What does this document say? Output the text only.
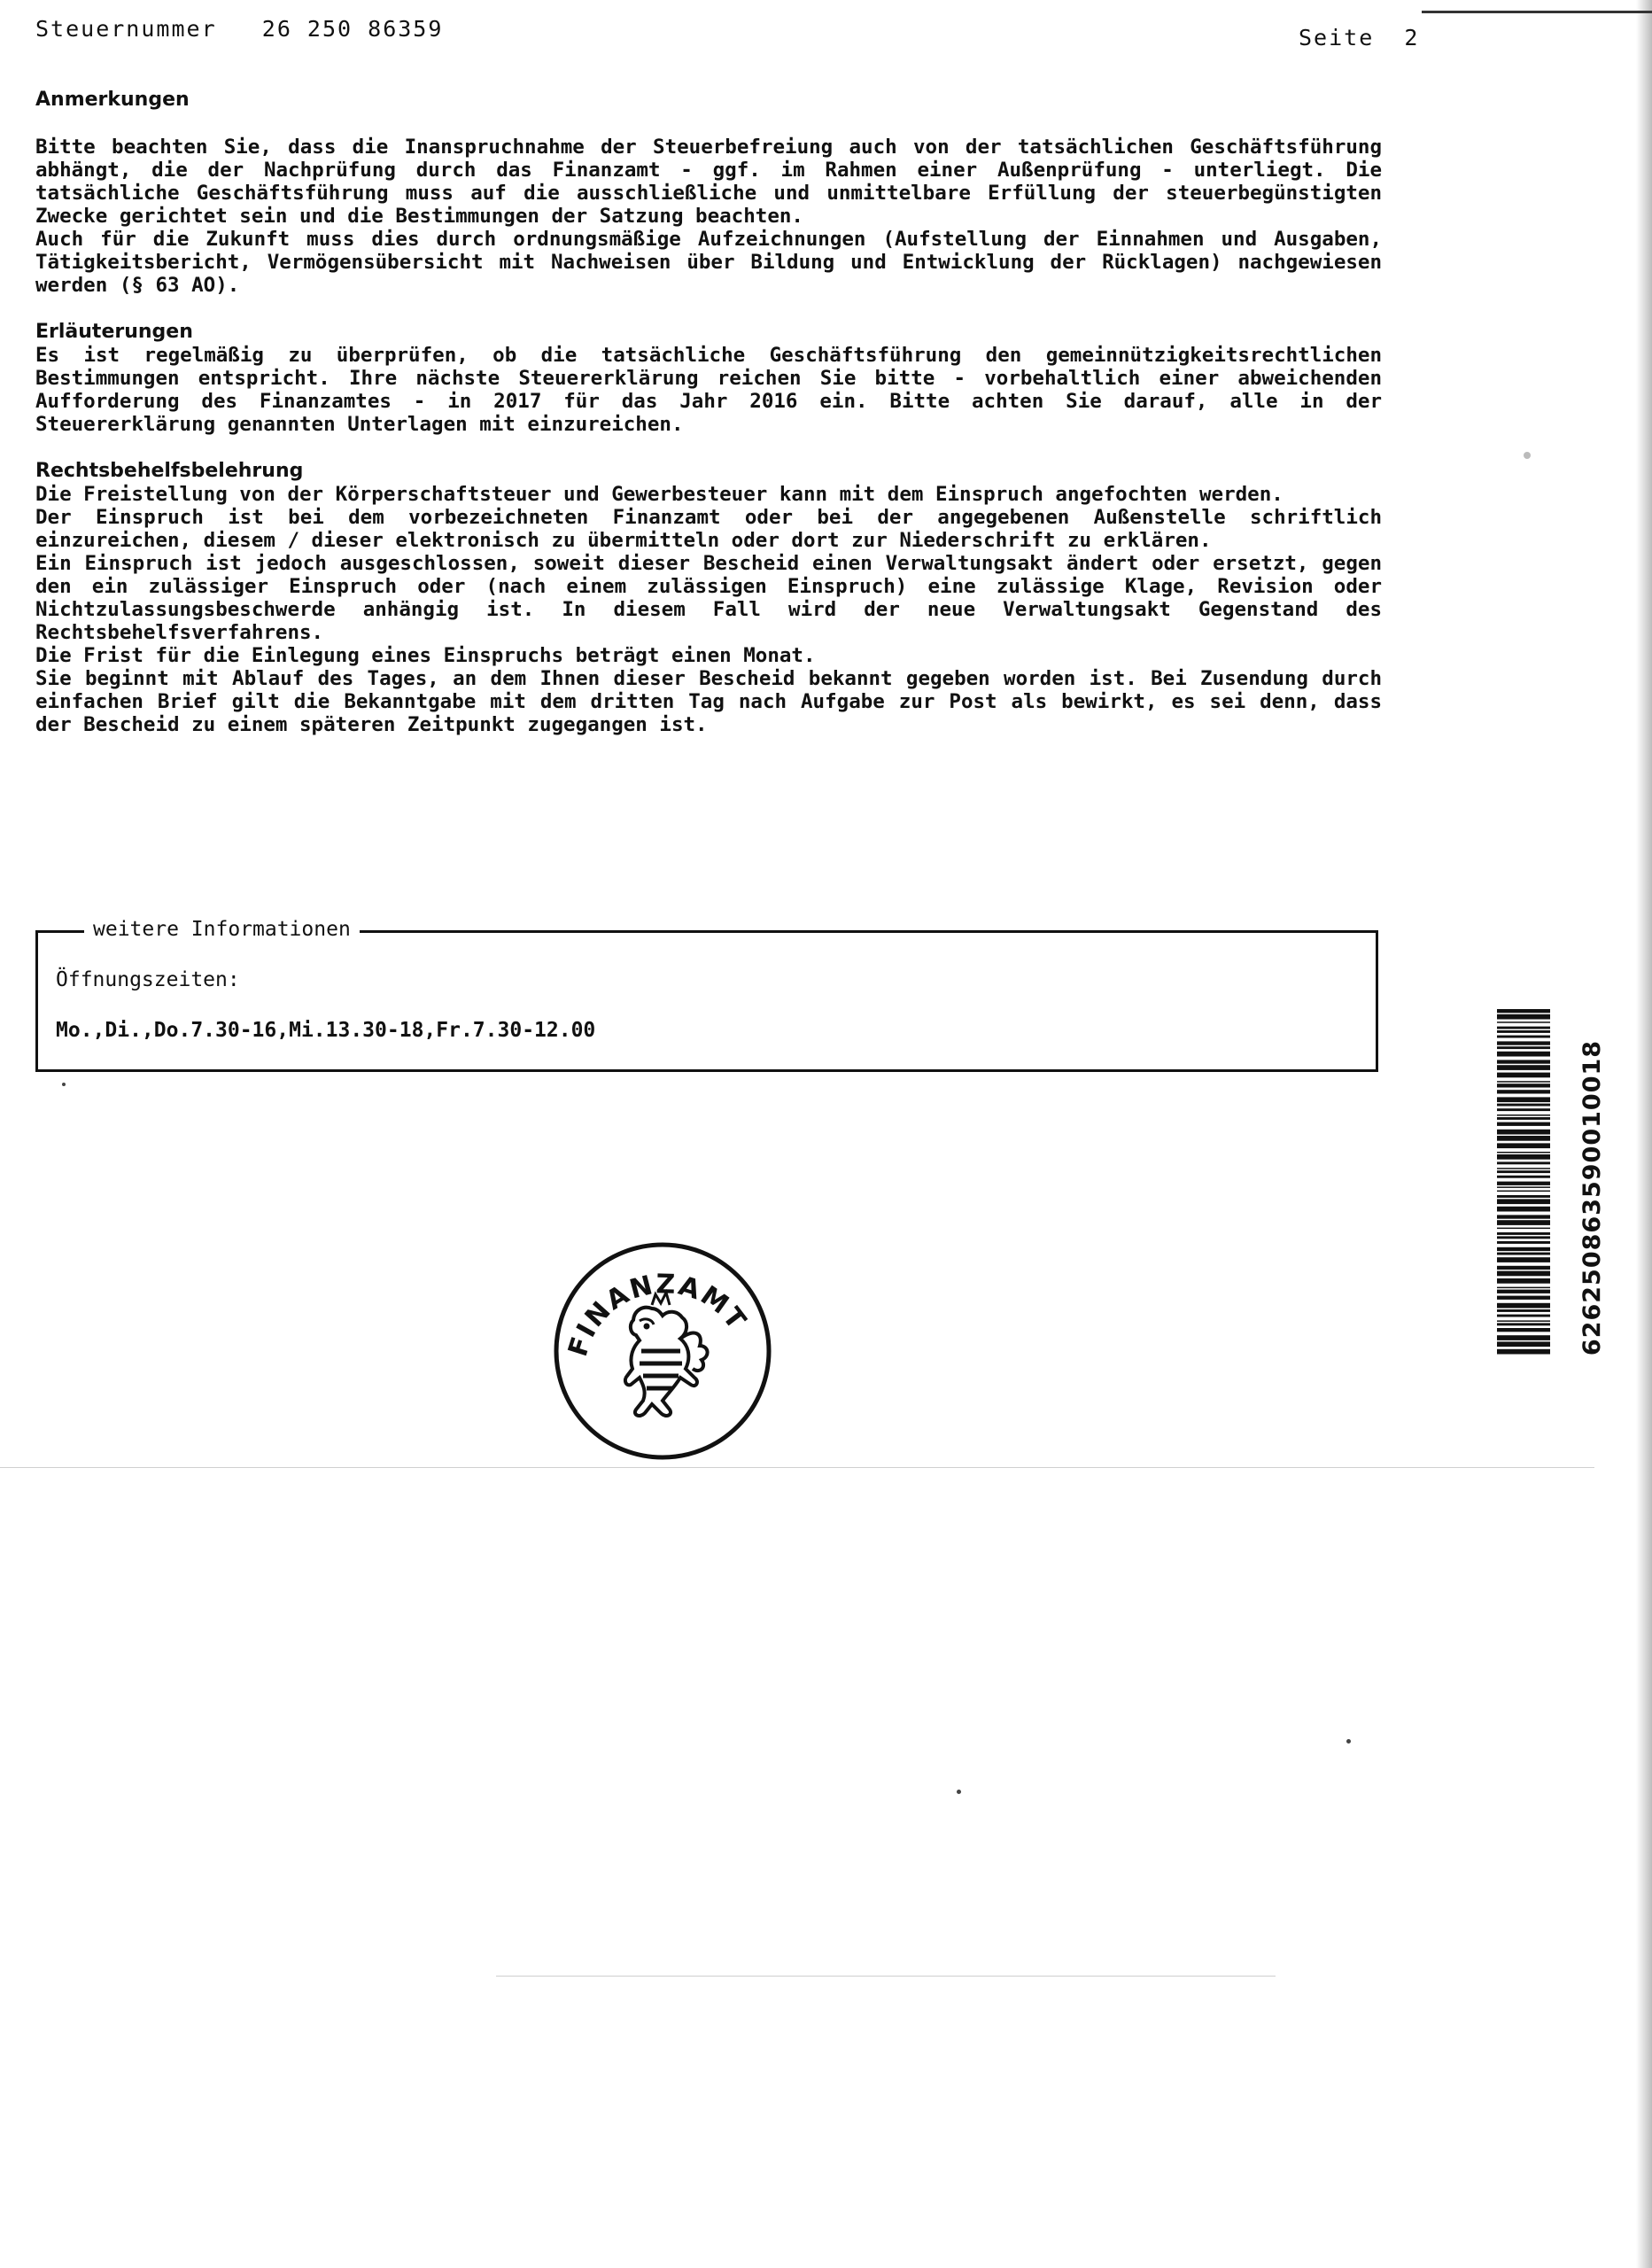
Steuernummer 26 250 86359	Seite 2

Anmerkungen

Bitte beachten Sie, dass die Inanspruchnahme der Steuerbefreiung auch von der tatsächlichen Geschäftsführung abhängt, die der Nachprüfung durch das Finanzamt - ggf. im Rahmen einer Außenprüfung - unterliegt. Die tatsächliche Geschäftsführung muss auf die ausschließliche und unmittelbare Erfüllung der steuerbegünstigten Zwecke gerichtet sein und die Bestimmungen der Satzung beachten.

Auch für die Zukunft muss dies durch ordnungsmäßige Aufzeichnungen (Aufstellung der Einnahmen und Ausgaben, Tätigkeitsbericht, Vermögensübersicht mit Nachweisen über Bildung und Entwicklung der Rücklagen) nachgewiesen werden (§ 63 AO).

Erläuterungen

Es ist regelmäßig zu überprüfen, ob die tatsächliche Geschäftsführung den gemeinnützigkeitsrechtlichen Bestimmungen entspricht. Ihre nächste Steuererklärung reichen Sie bitte - vorbehaltlich einer abweichenden Aufforderung des Finanzamtes - in 2017 für das Jahr 2016 ein. Bitte achten Sie darauf, alle in der Steuererklärung genannten Unterlagen mit einzureichen.

Rechtsbehelfsbelehrung

Die Freistellung von der Körperschaftsteuer und Gewerbesteuer kann mit dem Einspruch angefochten werden.

Der Einspruch ist bei dem vorbezeichneten Finanzamt oder bei der angegebenen Außenstelle schriftlich einzureichen, diesem / dieser elektronisch zu übermitteln oder dort zur Niederschrift zu erklären.

Ein Einspruch ist jedoch ausgeschlossen, soweit dieser Bescheid einen Verwaltungsakt ändert oder ersetzt, gegen den ein zulässiger Einspruch oder (nach einem zulässigen Einspruch) eine zulässige Klage, Revision oder Nichtzulassungsbeschwerde anhängig ist. In diesem Fall wird der neue Verwaltungsakt Gegenstand des Rechtsbehelfsverfahrens.

Die Frist für die Einlegung eines Einspruchs beträgt einen Monat.

Sie beginnt mit Ablauf des Tages, an dem Ihnen dieser Bescheid bekannt gegeben worden ist. Bei Zusendung durch einfachen Brief gilt die Bekanntgabe mit dem dritten Tag nach Aufgabe zur Post als bewirkt, es sei denn, dass der Bescheid zu einem späteren Zeitpunkt zugegangen ist.

weitere Informationen
Öffnungszeiten:
Mo.,Di.,Do.7.30-16,Mi.13.30-18,Fr.7.30-12.00
FINANZAMT	626250863590010018
